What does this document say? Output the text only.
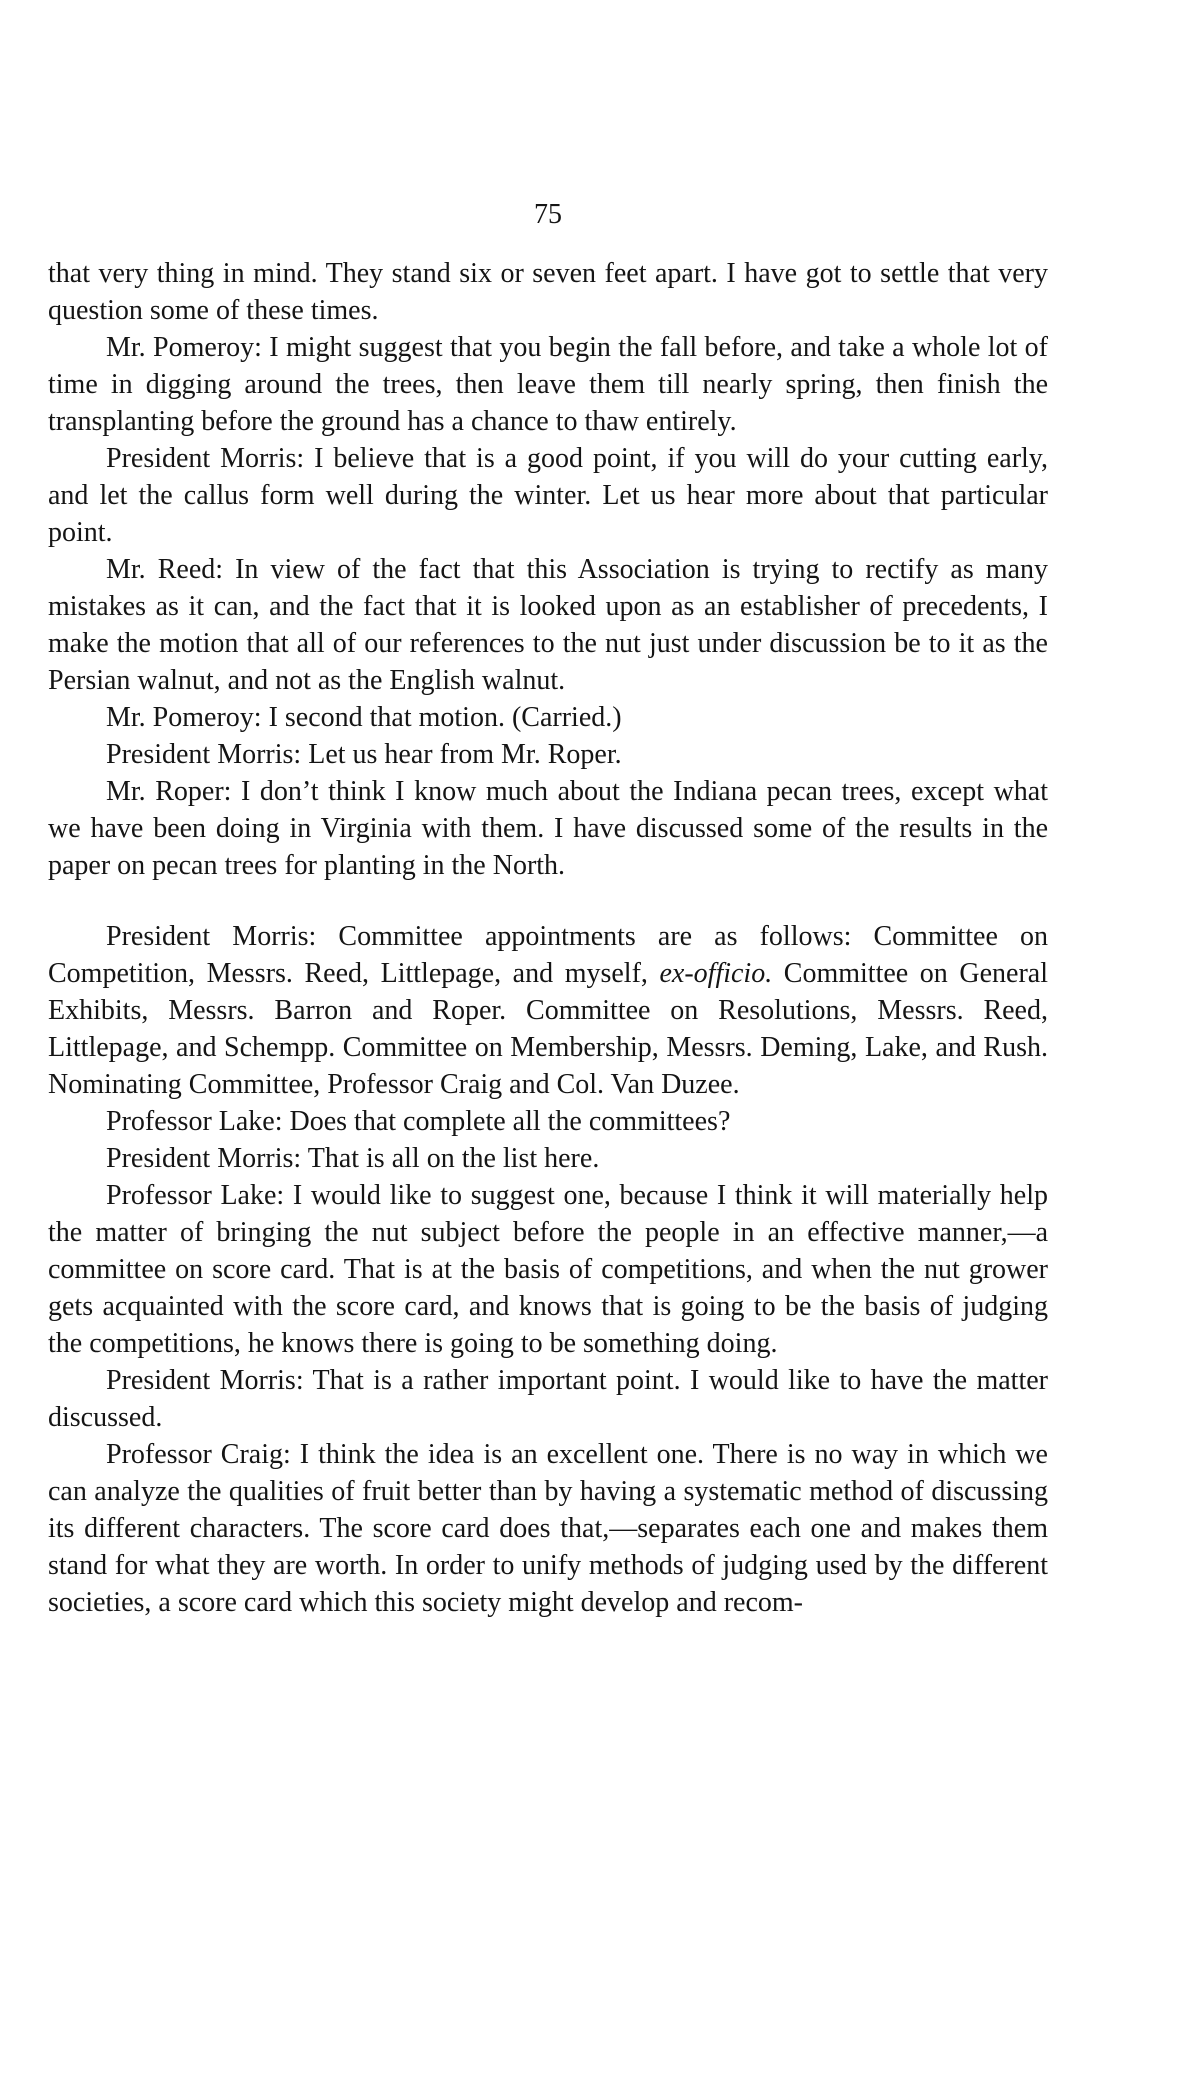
75

that very thing in mind. They stand six or seven feet apart. I have got to settle that very question some of these times.

Mr. Pomeroy: I might suggest that you begin the fall before, and take a whole lot of time in digging around the trees, then leave them till nearly spring, then finish the transplanting before the ground has a chance to thaw entirely.

President Morris: I believe that is a good point, if you will do your cutting early, and let the callus form well during the winter. Let us hear more about that particular point.

Mr. Reed: In view of the fact that this Association is trying to rectify as many mistakes as it can, and the fact that it is looked upon as an establisher of precedents, I make the motion that all of our references to the nut just under discussion be to it as the Persian walnut, and not as the English walnut.

Mr. Pomeroy: I second that motion. (Carried.)

President Morris: Let us hear from Mr. Roper.

Mr. Roper: I don’t think I know much about the Indiana pecan trees, except what we have been doing in Virginia with them. I have discussed some of the results in the paper on pecan trees for planting in the North.

President Morris: Committee appointments are as follows: Committee on Competition, Messrs. Reed, Littlepage, and myself, ex-officio. Committee on General Exhibits, Messrs. Barron and Roper. Committee on Resolutions, Messrs. Reed, Littlepage, and Schempp. Committee on Membership, Messrs. Deming, Lake, and Rush. Nominating Committee, Professor Craig and Col. Van Duzee.

Professor Lake: Does that complete all the committees?

President Morris: That is all on the list here.

Professor Lake: I would like to suggest one, because I think it will materially help the matter of bringing the nut subject before the people in an effective manner,—a committee on score card. That is at the basis of competitions, and when the nut grower gets acquainted with the score card, and knows that is going to be the basis of judging the competitions, he knows there is going to be something doing.

President Morris: That is a rather important point. I would like to have the matter discussed.

Professor Craig: I think the idea is an excellent one. There is no way in which we can analyze the qualities of fruit better than by having a systematic method of discussing its different characters. The score card does that,—separates each one and makes them stand for what they are worth. In order to unify methods of judging used by the different societies, a score card which this society might develop and recom-
